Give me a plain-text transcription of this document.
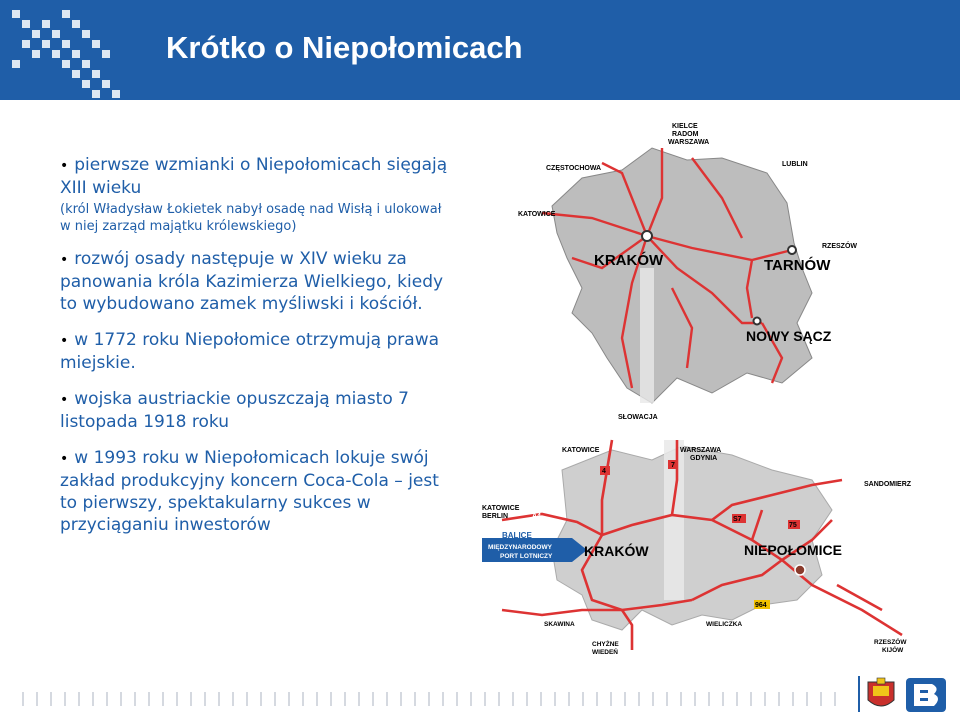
Krótko o Niepołomicach
• pierwsze wzmianki o Niepołomicach sięgają XIII wieku
(król Władysław Łokietek nabył osadę nad Wisłą i ulokował w niej zarząd majątku królewskiego)
• rozwój osady następuje w XIV wieku za panowania króla Kazimierza Wielkiego, kiedy to wybudowano zamek myśliwski i kościół.
• w 1772 roku Niepołomice otrzymują prawa miejskie.
• wojska austriackie opuszczają miasto 7 listopada 1918 roku
• w 1993 roku w Niepołomicach lokuje swój zakład produkcyjny koncern Coca-Cola – jest to pierwszy, spektakularny sukces w przyciąganiu inwestorów
KIELCE
RADOM
WARSZAWA
CZĘSTOCHOWA
LUBLIN
KATOWICE
RZESZÓW
KRAKÓW	TARNÓW
NOWY SĄCZ
4
7
S7
75
964
SŁOWACJA
KATOWICE	WARSZAWA
GDYNIA
SANDOMIERZ
KATOWICE
BERLIN	A4
BALICE
MIĘDZYNARODOWY
PORT LOTNICZY KRAKÓW	NIEPOŁOMICE
SKAWINA	WIELICZKA
CHYŻNE
WIEDEŃ
RZESZÓW
KIJÓW
